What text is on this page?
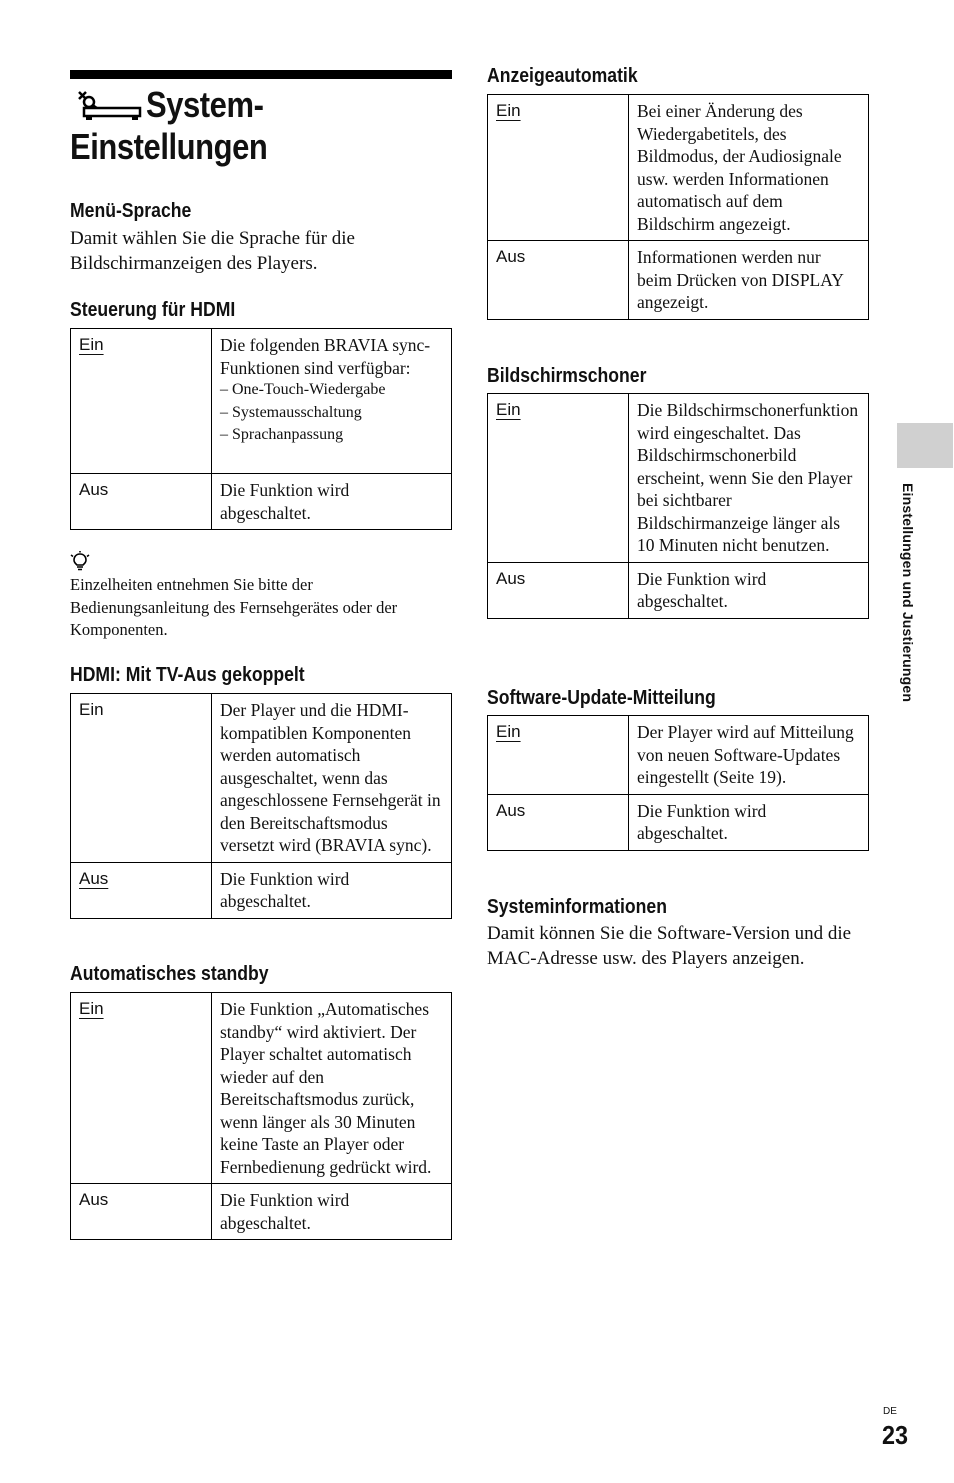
System-
Einstellungen
Menü-Sprache
Damit wählen Sie die Sprache für die Bildschirmanzeigen des Players.
Steuerung für HDMI
Ein	Die folgenden BRAVIA sync-Funktionen sind verfügbar:
– One-Touch-Wiedergabe
– Systemausschaltung
– Sprachanpassung

Aus	Die Funktion wird abgeschaltet.
Einzelheiten entnehmen Sie bitte der Bedienungsanleitung des Fernsehgerätes oder der Komponenten.
HDMI: Mit TV-Aus gekoppelt
Ein	Der Player und die HDMI-kompatiblen Komponenten werden automatisch ausgeschaltet, wenn das angeschlossene Fernsehgerät in den Bereitschaftsmodus versetzt wird (BRAVIA sync).
Aus	Die Funktion wird abgeschaltet.
Automatisches standby
Ein	Die Funktion „Automatisches standby“ wird aktiviert. Der Player schaltet automatisch wieder auf den Bereitschaftsmodus zurück, wenn länger als 30 Minuten keine Taste an Player oder Fernbedienung gedrückt wird.
Aus	Die Funktion wird abgeschaltet.
Anzeigeautomatik
Ein	Bei einer Änderung des Wiedergabetitels, des Bildmodus, der Audiosignale usw. werden Informationen automatisch auf dem Bildschirm angezeigt.
Aus	Informationen werden nur beim Drücken von DISPLAY angezeigt.
Bildschirmschoner
Ein	Die Bildschirmschonerfunktion wird eingeschaltet. Das Bildschirmschonerbild erscheint, wenn Sie den Player bei sichtbarer Bildschirmanzeige länger als 10 Minuten nicht benutzen.
Aus	Die Funktion wird abgeschaltet.
Software-Update-Mitteilung
Ein	Der Player wird auf Mitteilung von neuen Software-Updates eingestellt (Seite 19).
Aus	Die Funktion wird abgeschaltet.
Systeminformationen
Damit können Sie die Software-Version und die MAC-Adresse usw. des Players anzeigen.
Einstellungen und Justierungen
DE
23
